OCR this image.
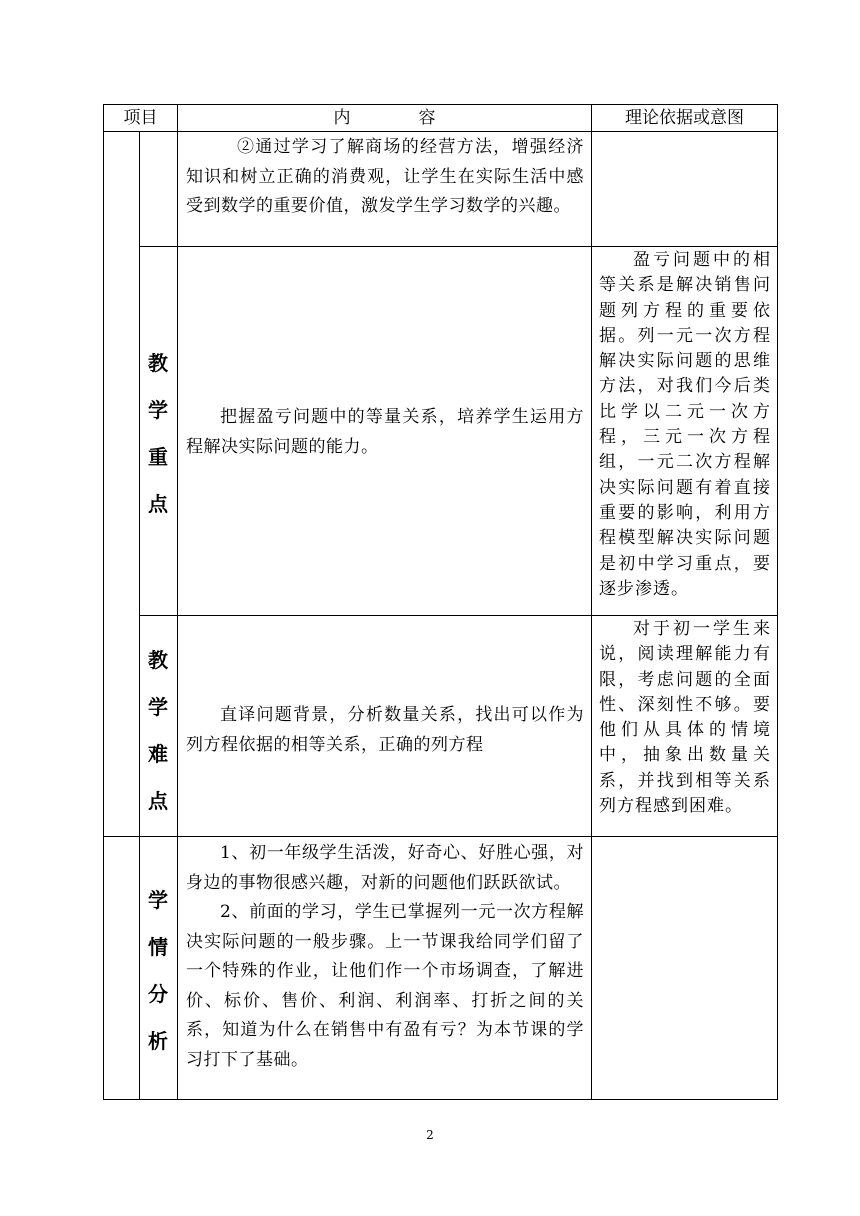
项目	内　　　　容	理论依据或意图

②通过学习了解商场的经营方法，增强经济知识和树立正确的消费观，让学生在实际生活中感受到数学的重要价值，激发学生学习数学的兴趣。

教
学
重
点

把握盈亏问题中的等量关系，培养学生运用方程解决实际问题的能力。

盈亏问题中的相等关系是解决销售问题列方程的重要依据。列一元一次方程解决实际问题的思维方法，对我们今后类比学以二元一次方程，三元一次方程组，一元二次方程解决实际问题有着直接重要的影响，利用方程模型解决实际问题是初中学习重点，要逐步渗透。

教
学
难
点

直译问题背景，分析数量关系，找出可以作为列方程依据的相等关系，正确的列方程

对于初一学生来说，阅读理解能力有限，考虑问题的全面性、深刻性不够。要他们从具体的情境中，抽象出数量关系，并找到相等关系列方程感到困难。

学
情
分
析

1、初一年级学生活泼，好奇心、好胜心强，对身边的事物很感兴趣，对新的问题他们跃跃欲试。

2、前面的学习，学生已掌握列一元一次方程解决实际问题的一般步骤。上一节课我给同学们留了一个特殊的作业，让他们作一个市场调查，了解进价、标价、售价、利润、利润率、打折之间的关系，知道为什么在销售中有盈有亏？为本节课的学习打下了基础。

2
